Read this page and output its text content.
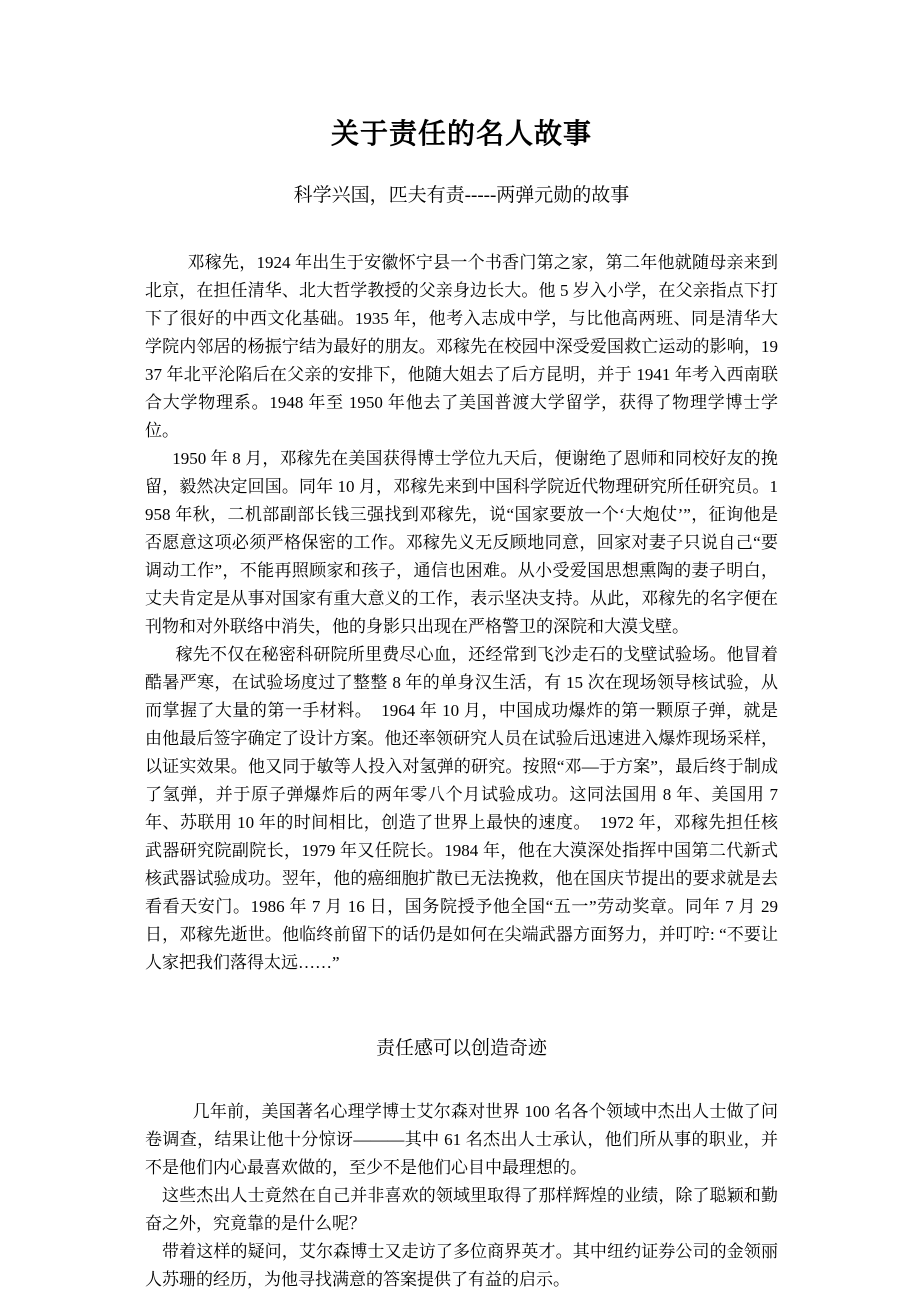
关于责任的名人故事
科学兴国，匹夫有责-----两弹元勋的故事

邓稼先，1924 年出生于安徽怀宁县一个书香门第之家，第二年他就随母亲来到北京，在担任清华、北大哲学教授的父亲身边长大。他 5 岁入小学，在父亲指点下打下了很好的中西文化基础。1935 年，他考入志成中学，与比他高两班、同是清华大学院内邻居的杨振宁结为最好的朋友。邓稼先在校园中深受爱国救亡运动的影响，1937 年北平沦陷后在父亲的安排下，他随大姐去了后方昆明，并于 1941 年考入西南联合大学物理系。1948 年至 1950 年他去了美国普渡大学留学，获得了物理学博士学位。

1950 年 8 月，邓稼先在美国获得博士学位九天后，便谢绝了恩师和同校好友的挽留，毅然决定回国。同年 10 月，邓稼先来到中国科学院近代物理研究所任研究员。1958 年秋，二机部副部长钱三强找到邓稼先，说“国家要放一个‘大炮仗’”，征询他是否愿意这项必须严格保密的工作。邓稼先义无反顾地同意，回家对妻子只说自己“要调动工作”，不能再照顾家和孩子，通信也困难。从小受爱国思想熏陶的妻子明白，丈夫肯定是从事对国家有重大意义的工作，表示坚决支持。从此，邓稼先的名字便在刊物和对外联络中消失，他的身影只出现在严格警卫的深院和大漠戈壁。

稼先不仅在秘密科研院所里费尽心血，还经常到飞沙走石的戈壁试验场。他冒着酷暑严寒，在试验场度过了整整 8 年的单身汉生活，有 15 次在现场领导核试验，从而掌握了大量的第一手材料。　1964 年 10 月，中国成功爆炸的第一颗原子弹，就是由他最后签字确定了设计方案。他还率领研究人员在试验后迅速进入爆炸现场采样，以证实效果。他又同于敏等人投入对氢弹的研究。按照“邓—于方案”，最后终于制成了氢弹，并于原子弹爆炸后的两年零八个月试验成功。这同法国用 8 年、美国用 7 年、苏联用 10 年的时间相比，创造了世界上最快的速度。　1972 年，邓稼先担任核武器研究院副院长，1979 年又任院长。1984 年，他在大漠深处指挥中国第二代新式核武器试验成功。翌年，他的癌细胞扩散已无法挽救，他在国庆节提出的要求就是去看看天安门。1986 年 7 月 16 日，国务院授予他全国“五一”劳动奖章。同年 7 月 29 日，邓稼先逝世。他临终前留下的话仍是如何在尖端武器方面努力，并叮咛: “不要让人家把我们落得太远……”

责任感可以创造奇迹

几年前，美国著名心理学博士艾尔森对世界 100 名各个领域中杰出人士做了问卷调查，结果让他十分惊讶———其中 61 名杰出人士承认，他们所从事的职业，并不是他们内心最喜欢做的，至少不是他们心目中最理想的。

这些杰出人士竟然在自己并非喜欢的领域里取得了那样辉煌的业绩，除了聪颖和勤奋之外，究竟靠的是什么呢？

带着这样的疑问，艾尔森博士又走访了多位商界英才。其中纽约证券公司的金领丽人苏珊的经历，为他寻找满意的答案提供了有益的启示。
